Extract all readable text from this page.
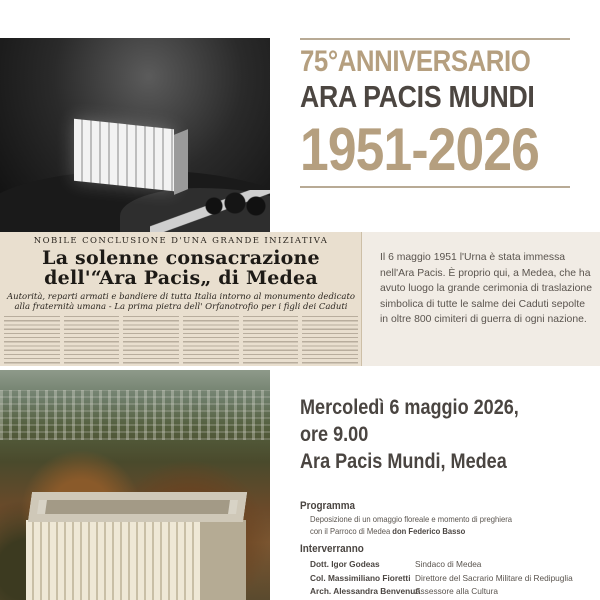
75°ANNIVERSARIO
ARA PACIS MUNDI
1951-2026
NOBILE CONCLUSIONE D'UNA GRANDE INIZIATIVA
La solenne consacrazione
dell'“Ara Pacis„ di Medea
Autorità, reparti armati e bandiere di tutta Italia intorno al monumento dedicato
alla fraternità umana - La prima pietra dell' Orfanotrofio per i figli dei Caduti

Il 6 maggio 1951 l'Urna è stata immessa nell'Ara Pacis. È proprio qui, a Medea, che ha avuto luogo la grande cerimonia di traslazione simbolica di tutte le salme dei Caduti sepolte in oltre 800 cimiteri di guerra di ogni nazione.

Mercoledì 6 maggio 2026,
ore 9.00
Ara Pacis Mundi, Medea
Programma
Deposizione di un omaggio floreale e momento di preghiera
con il Parroco di Medea don Federico Basso
Interverranno
Dott. Igor Godeas	Sindaco di Medea
Col. Massimiliano Fioretti Direttore del Sacrario Militare di Redipuglia
Arch. Alessandra Benvenuti
Assessore alla Cultura
